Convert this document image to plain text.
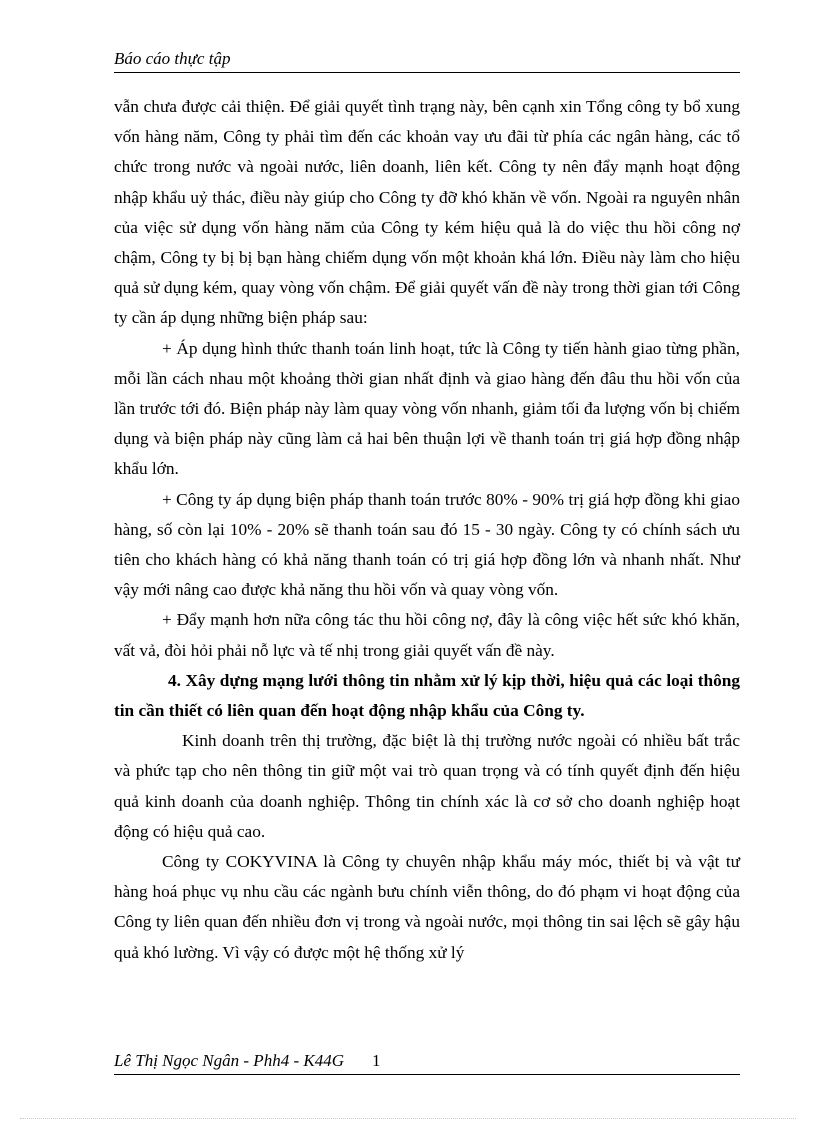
Báo cáo thực tập

vẫn chưa được cải thiện. Để giải quyết tình trạng này, bên cạnh xin Tổng công ty bổ xung vốn hàng năm, Công ty phải tìm đến các khoản vay ưu đãi từ phía các ngân hàng, các tổ chức trong nước và ngoài nước, liên doanh, liên kết. Công ty nên đẩy mạnh hoạt động nhập khẩu uỷ thác, điều này giúp cho Công ty đỡ khó khăn về vốn. Ngoài ra nguyên nhân của việc sử dụng vốn hàng năm của Công ty kém hiệu quả là do việc thu hồi công nợ chậm, Công ty bị bị bạn hàng chiếm dụng vốn một khoản khá lớn. Điều này làm cho hiệu quả sử dụng kém, quay vòng vốn chậm. Để giải quyết vấn đề này trong thời gian tới Công ty cần áp dụng những biện pháp sau:

+ Áp dụng hình thức thanh toán linh hoạt, tức là Công ty tiến hành giao từng phần, mỗi lần cách nhau một khoảng thời gian nhất định và giao hàng đến đâu thu hồi vốn của lần trước tới đó. Biện pháp này làm quay vòng vốn nhanh, giảm tối đa lượng vốn bị chiếm dụng và biện pháp này cũng làm cả hai bên thuận lợi về thanh toán trị giá hợp đồng nhập khẩu lớn.

+ Công ty áp dụng biện pháp thanh toán trước 80% - 90% trị giá hợp đồng khi giao hàng, số còn lại 10% - 20% sẽ thanh toán sau đó 15 - 30 ngày. Công ty có chính sách ưu tiên cho khách hàng có khả năng thanh toán có trị giá hợp đồng lớn và nhanh nhất. Như vậy mới nâng cao được khả năng thu hồi vốn và quay vòng vốn.

+ Đẩy mạnh hơn nữa công tác thu hồi công nợ, đây là công việc hết sức khó khăn, vất vả, đòi hỏi phải nỗ lực và tế nhị trong giải quyết vấn đề này.

4. Xây dựng mạng lưới thông tin nhằm xử lý kịp thời, hiệu quả các loại thông tin cần thiết có liên quan đến hoạt động nhập khẩu của Công ty.

Kinh doanh trên thị trường, đặc biệt là thị trường nước ngoài có nhiều bất trắc và phức tạp cho nên thông tin giữ một vai trò quan trọng và có tính quyết định đến hiệu quả kinh doanh của doanh nghiệp. Thông tin chính xác là cơ sở cho doanh nghiệp hoạt động có hiệu quả cao.

Công ty COKYVINA là Công ty chuyên nhập khẩu máy móc, thiết bị và vật tư hàng hoá phục vụ nhu cầu các ngành bưu chính viễn thông, do đó phạm vi hoạt động của Công ty liên quan đến nhiều đơn vị trong và ngoài nước, mọi thông tin sai lệch sẽ gây hậu quả khó lường. Vì vậy có được một hệ thống xử lý

Lê Thị Ngọc Ngân - Phh4 - K44G 1
